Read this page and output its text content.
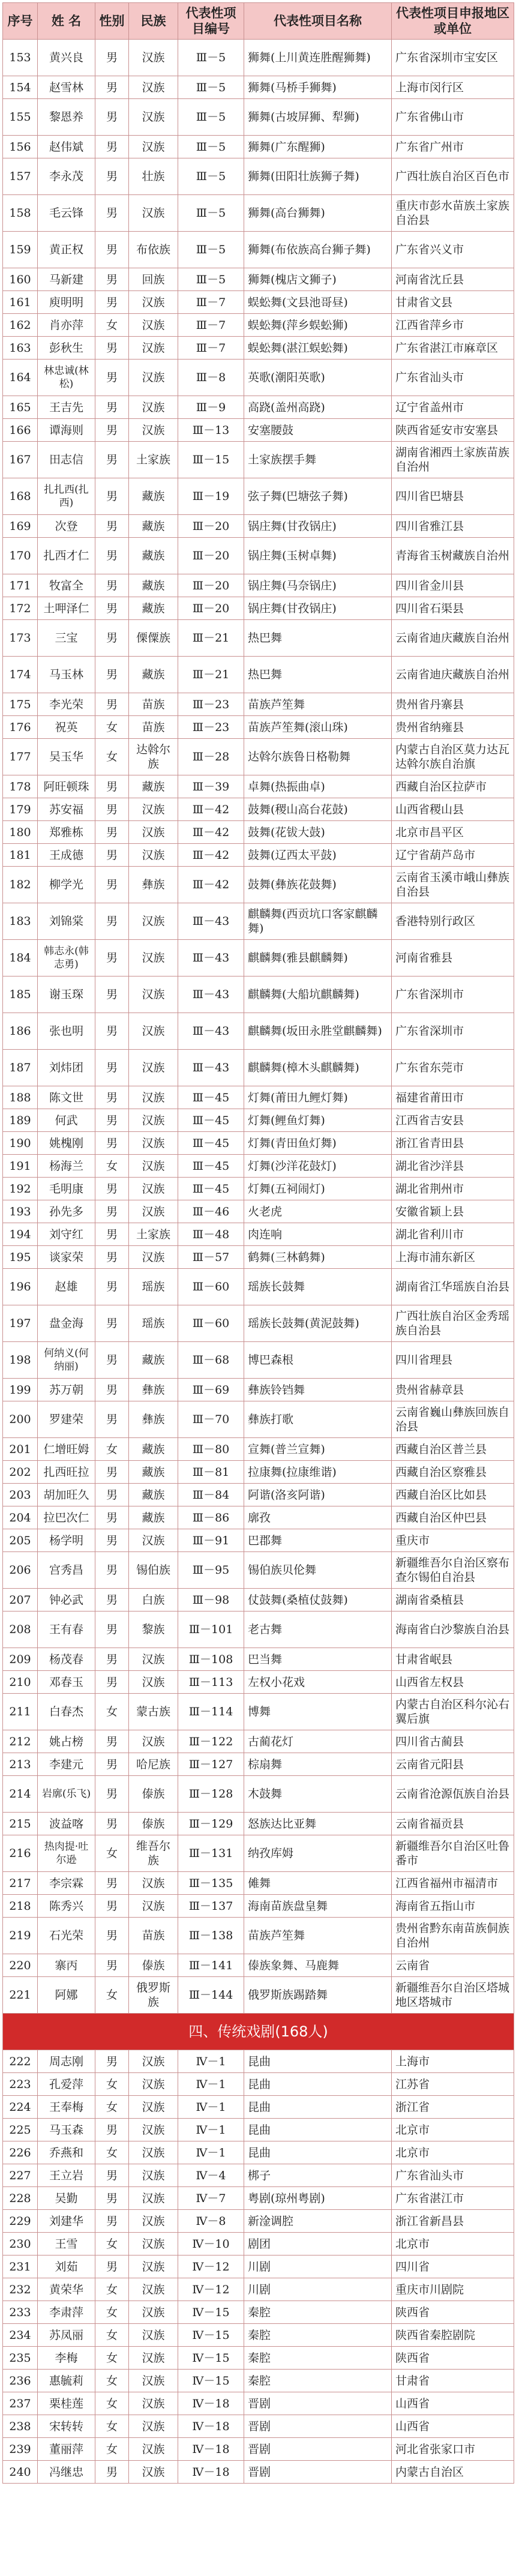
序号	姓 名	性别	民族	代表性项目编号	代表性项目名称	代表性项目申报地区或单位
153	黄兴良	男	汉族	Ⅲ－5	狮舞(上川黄连胜醒狮舞)	广东省深圳市宝安区
154	赵雪林	男	汉族	Ⅲ－5	狮舞(马桥手狮舞)	上海市闵行区
155	黎恩养	男	汉族	Ⅲ－5	狮舞(古坡屏狮、犁狮)	广东省佛山市
156	赵伟斌	男	汉族	Ⅲ－5	狮舞(广东醒狮)	广东省广州市
157	李永茂	男	壮族	Ⅲ－5	狮舞(田阳壮族狮子舞)	广西壮族自治区百色市
158	毛云锋	男	汉族	Ⅲ－5	狮舞(高台狮舞)	重庆市彭水苗族土家族自治县
159	黄正权	男	布依族	Ⅲ－5	狮舞(布依族高台狮子舞)	广东省兴义市
160	马新建	男	回族	Ⅲ－5	狮舞(槐店文狮子)	河南省沈丘县
161	庾明明	男	汉族	Ⅲ－7	蜈蚣舞(文县池哥昼)	甘肃省文县
162	肖亦萍	女	汉族	Ⅲ－7	蜈蚣舞(萍乡蜈蚣狮)	江西省萍乡市
163	彭秋生	男	汉族	Ⅲ－7	蜈蚣舞(湛江蜈蚣舞)	广东省湛江市麻章区
164	林忠诚(林松)	男	汉族	Ⅲ－8	英歌(潮阳英歌)	广东省汕头市
165	王吉先	男	汉族	Ⅲ－9	高跷(盖州高跷)	辽宁省盖州市
166	谭海则	男	汉族	Ⅲ－13	安塞腰鼓	陕西省延安市安塞县
167	田志信	男	土家族	Ⅲ－15	土家族摆手舞	湖南省湘西土家族苗族自治州
168	扎扎西(扎西)	男	藏族	Ⅲ－19	弦子舞(巴塘弦子舞)	四川省巴塘县
169	次登	男	藏族	Ⅲ－20	锅庄舞(甘孜锅庄)	四川省雅江县
170	扎西才仁	男	藏族	Ⅲ－20	锅庄舞(玉树卓舞)	青海省玉树藏族自治州
171	牧富全	男	藏族	Ⅲ－20	锅庄舞(马奈锅庄)	四川省金川县
172	土呷泽仁	男	藏族	Ⅲ－20	锅庄舞(甘孜锅庄)	四川省石渠县
173	三宝	男	傈僳族	Ⅲ－21	热巴舞	云南省迪庆藏族自治州
174	马玉林	男	藏族	Ⅲ－21	热巴舞	云南省迪庆藏族自治州
175	李光荣	男	苗族	Ⅲ－23	苗族芦笙舞	贵州省丹寨县
176	祝英	女	苗族	Ⅲ－23	苗族芦笙舞(滚山珠)	贵州省纳雍县
177	吴玉华	女	达斡尔族	Ⅲ－28	达斡尔族鲁日格勒舞	内蒙古自治区莫力达瓦达斡尔族自治旗
178	阿旺顿珠	男	藏族	Ⅲ－39	卓舞(热振曲卓)	西藏自治区拉萨市
179	苏安福	男	汉族	Ⅲ－42	鼓舞(稷山高台花鼓)	山西省稷山县
180	郑雅栋	男	汉族	Ⅲ－42	鼓舞(花钹大鼓)	北京市昌平区
181	王成德	男	汉族	Ⅲ－42	鼓舞(辽西太平鼓)	辽宁省葫芦岛市
182	柳学光	男	彝族	Ⅲ－42	鼓舞(彝族花鼓舞)	云南省玉溪市峨山彝族自治县
183	刘锦棠	男	汉族	Ⅲ－43	麒麟舞(西贡坑口客家麒麟舞)	香港特别行政区
184	韩志永(韩志勇)	男	汉族	Ⅲ－43	麒麟舞(雅县麒麟舞)	河南省雅县
185	谢玉琛	男	汉族	Ⅲ－43	麒麟舞(大船坑麒麟舞)	广东省深圳市
186	张也明	男	汉族	Ⅲ－43	麒麟舞(坂田永胜堂麒麟舞)	广东省深圳市
187	刘炜团	男	汉族	Ⅲ－43	麒麟舞(樟木头麒麟舞)	广东省东莞市
188	陈文世	男	汉族	Ⅲ－45	灯舞(莆田九鲤灯舞)	福建省莆田市
189	何武	男	汉族	Ⅲ－45	灯舞(鲤鱼灯舞)	江西省吉安县
190	姚槐刚	男	汉族	Ⅲ－45	灯舞(青田鱼灯舞)	浙江省青田县
191	杨海兰	女	汉族	Ⅲ－45	灯舞(沙洋花鼓灯)	湖北省沙洋县
192	毛明康	男	汉族	Ⅲ－45	灯舞(五祠闹灯)	湖北省荆州市
193	孙先多	男	汉族	Ⅲ－46	火老虎	安徽省颖上县
194	刘守红	男	土家族	Ⅲ－48	肉连响	湖北省利川市
195	谈家荣	男	汉族	Ⅲ－57	鹤舞(三林鹤舞)	上海市浦东新区
196	赵雄	男	瑶族	Ⅲ－60	瑶族长鼓舞	湖南省江华瑶族自治县
197	盘金海	男	瑶族	Ⅲ－60	瑶族长鼓舞(黄泥鼓舞)	广西壮族自治区金秀瑶族自治县
198	何纳义(何纳丽)	男	藏族	Ⅲ－68	博巴森根	四川省理县
199	苏万朝	男	彝族	Ⅲ－69	彝族铃铛舞	贵州省赫章县
200	罗建荣	男	彝族	Ⅲ－70	彝族打歌	云南省巍山彝族回族自治县
201	仁增旺姆	女	藏族	Ⅲ－80	宣舞(普兰宣舞)	西藏自治区普兰县
202	扎西旺拉	男	藏族	Ⅲ－81	拉康舞(拉康维谐)	西藏自治区察雅县
203	胡加旺久	男	藏族	Ⅲ－84	阿谐(洛亥阿谐)	西藏自治区比如县
204	拉巴次仁	男	藏族	Ⅲ－86	廓孜	西藏自治区仲巴县
205	杨学明	男	汉族	Ⅲ－91	巴郡舞	重庆市
206	宫秀昌	男	锡伯族	Ⅲ－95	锡伯族贝伦舞	新疆维吾尔自治区察布查尔锡伯自治县
207	钟必武	男	白族	Ⅲ－98	仗鼓舞(桑植仗鼓舞)	湖南省桑植县
208	王有春	男	黎族	Ⅲ－101	老古舞	海南省白沙黎族自治县
209	杨茂春	男	汉族	Ⅲ－108	巴当舞	甘肃省岷县
210	邓春玉	男	汉族	Ⅲ－113	左权小花戏	山西省左权县
211	白春杰	女	蒙古族	Ⅲ－114	博舞	内蒙古自治区科尔沁右翼后旗
212	姚占榜	男	汉族	Ⅲ－122	古蔺花灯	四川省古蔺县
213	李建元	男	哈尼族	Ⅲ－127	棕扇舞	云南省元阳县
214	岩廓(乐飞)	男	傣族	Ⅲ－128	木鼓舞	云南省沧源佤族自治县
215	波益喀	男	傣族	Ⅲ－129	怒族达比亚舞	云南省福贡县
216	热肉提·吐尔逊	女	维吾尔族	Ⅲ－131	纳孜库姆	新疆维吾尔自治区吐鲁番市
217	李宗霖	男	汉族	Ⅲ－135	傩舞	江西省福州市福清市
218	陈秀兴	男	汉族	Ⅲ－137	海南苗族盘皇舞	海南省五指山市
219	石光荣	男	苗族	Ⅲ－138	苗族芦笙舞	贵州省黔东南苗族侗族自治州
220	寨丙	男	傣族	Ⅲ－141	傣族象舞、马鹿舞	云南省
221	阿娜	女	俄罗斯族	Ⅲ－144	俄罗斯族踢踏舞	新疆维吾尔自治区塔城地区塔城市
四、传统戏剧(168人)						
222	周志刚	男	汉族	Ⅳ－1	昆曲	上海市
223	孔爱萍	女	汉族	Ⅳ－1	昆曲	江苏省
224	王奉梅	女	汉族	Ⅳ－1	昆曲	浙江省
225	马玉森	男	汉族	Ⅳ－1	昆曲	北京市
226	乔燕和	女	汉族	Ⅳ－1	昆曲	北京市
227	王立岩	男	汉族	Ⅳ－4	梆子	广东省汕头市
228	吴勤	男	汉族	Ⅳ－7	粤剧(琼州粤剧)	广东省湛江市
229	刘建华	男	汉族	Ⅳ－8	新淦调腔	浙江省新昌县
230	王雪	女	汉族	Ⅳ－10	剧团	北京市
231	刘茹	男	汉族	Ⅳ－12	川剧	四川省
232	黄荣华	女	汉族	Ⅳ－12	川剧	重庆市川剧院
233	李肃萍	女	汉族	Ⅳ－15	秦腔	陕西省
234	苏凤丽	女	汉族	Ⅳ－15	秦腔	陕西省秦腔剧院
235	李梅	女	汉族	Ⅳ－15	秦腔	陕西省
236	惠毓莉	女	汉族	Ⅳ－15	秦腔	甘肃省
237	栗桂莲	女	汉族	Ⅳ－18	晋剧	山西省
238	宋转转	女	汉族	Ⅳ－18	晋剧	山西省
239	董丽萍	女	汉族	Ⅳ－18	晋剧	河北省张家口市
240	冯继忠	男	汉族	Ⅳ－18	晋剧	内蒙古自治区
